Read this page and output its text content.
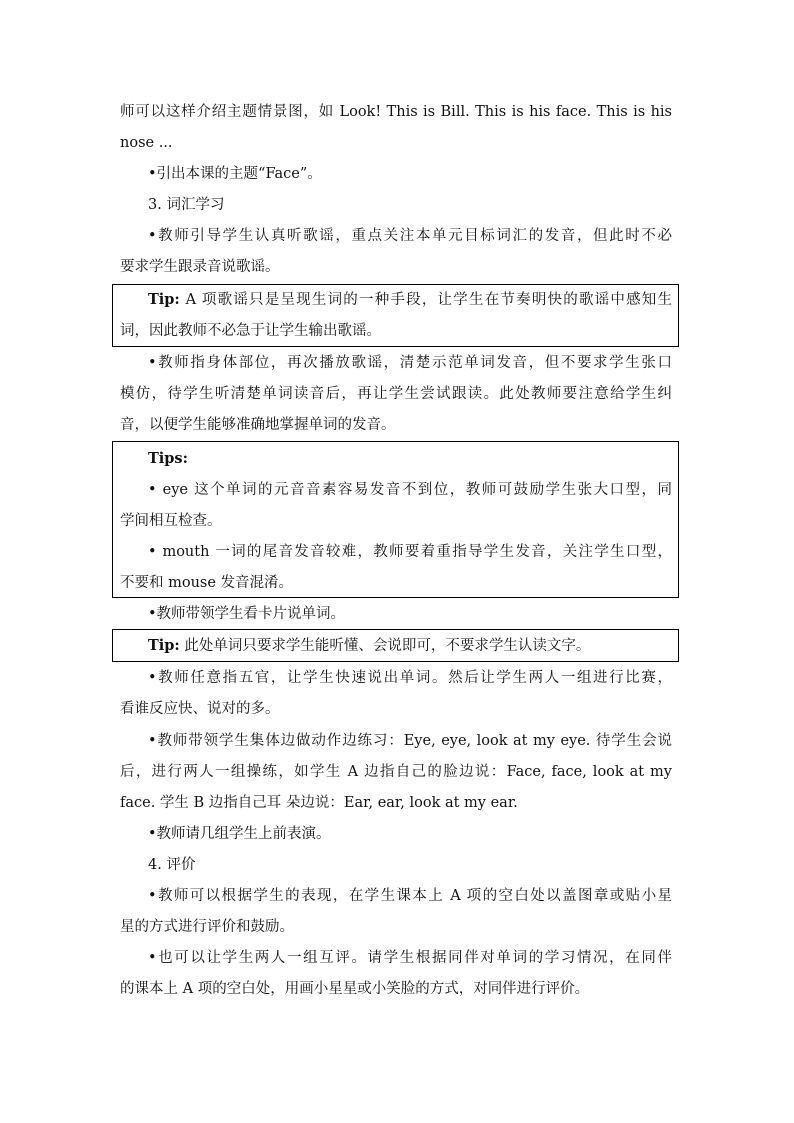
师可以这样介绍主题情景图，如 Look! This is Bill. This is his face. This is his
nose ...
•引出本课的主题“Face”。
3. 词汇学习
•教师引导学生认真听歌谣，重点关注本单元目标词汇的发音，但此时不必
要求学生跟录音说歌谣。
Tip: A 项歌谣只是呈现生词的一种手段，让学生在节奏明快的歌谣中感知生
词，因此教师不必急于让学生输出歌谣。
•教师指身体部位，再次播放歌谣，清楚示范单词发音，但不要求学生张口
模仿，待学生听清楚单词读音后，再让学生尝试跟读。此处教师要注意给学生纠
音，以便学生能够准确地掌握单词的发音。
Tips:
• eye 这个单词的元音音素容易发音不到位，教师可鼓励学生张大口型，同
学间相互检查。
• mouth 一词的尾音发音较难，教师要着重指导学生发音，关注学生口型，
不要和 mouse 发音混淆。
•教师带领学生看卡片说单词。
Tip: 此处单词只要求学生能听懂、会说即可，不要求学生认读文字。
•教师任意指五官，让学生快速说出单词。然后让学生两人一组进行比赛，
看谁反应快、说对的多。
•教师带领学生集体边做动作边练习：Eye, eye, look at my eye. 待学生会说
后，进行两人一组操练，如学生 A 边指自己的脸边说：Face, face, look at my
face. 学生 B 边指自己耳 朵边说：Ear, ear, look at my ear.
•教师请几组学生上前表演。
4. 评价
•教师可以根据学生的表现，在学生课本上 A 项的空白处以盖图章或贴小星
星的方式进行评价和鼓励。
•也可以让学生两人一组互评。请学生根据同伴对单词的学习情况，在同伴
的课本上 A 项的空白处，用画小星星或小笑脸的方式，对同伴进行评价。
